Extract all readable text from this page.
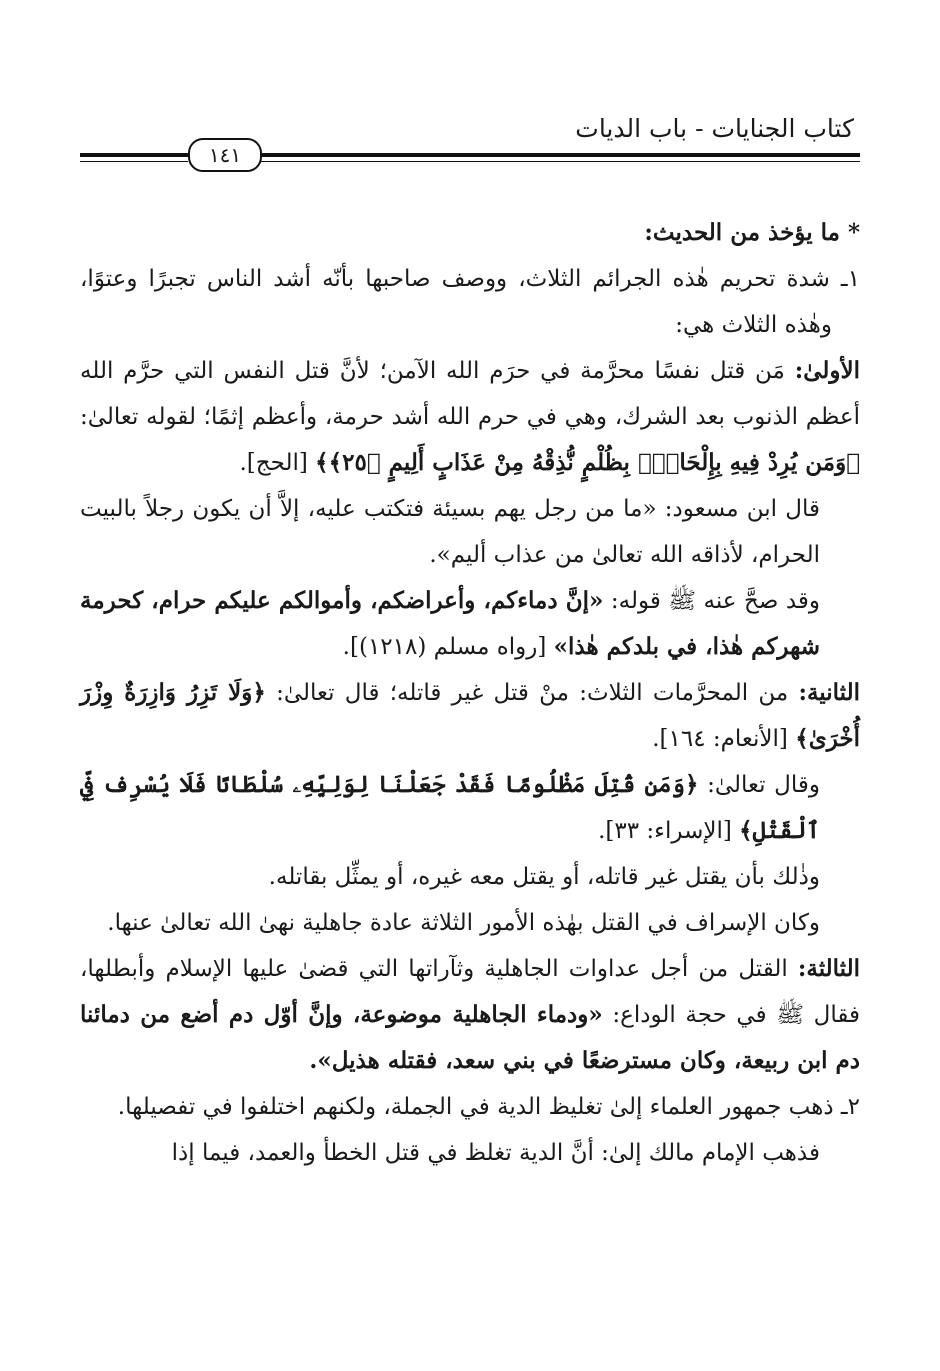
كتاب الجنايات - باب الديات
١٤١

* ما يؤخذ من الحديث:

١ـ شدة تحريم هٰذه الجرائم الثلاث، ووصف صاحبها بأنّه أشد الناس تجبرًا وعتوًا، وهٰذه الثلاث هي:

الأولىٰ: مَن قتل نفسًا محرَّمة في حرَم الله الآمن؛ لأنَّ قتل النفس التي حرَّم الله أعظم الذنوب بعد الشرك، وهي في حرم الله أشد حرمة، وأعظم إثمًا؛ لقوله تعالىٰ: ﴿وَمَن يُرِدْ فِيهِ بِإِلْحَادٍۭ بِظُلْمٍ نُّذِقْهُ مِنْ عَذَابٍ أَلِيمٍ ﴿٢٥﴾﴾ [الحج].

قال ابن مسعود: «ما من رجل يهم بسيئة فتكتب عليه، إلاَّ أن يكون رجلاً بالبيت الحرام، لأذاقه الله تعالىٰ من عذاب أليم».

وقد صحَّ عنه ﷺ قوله: «إنَّ دماءكم، وأعراضكم، وأموالكم عليكم حرام، كحرمة شهركم هٰذا، في بلدكم هٰذا» [رواه مسلم (١٢١٨)].

الثانية: من المحرَّمات الثلاث: منْ قتل غير قاتله؛ قال تعالىٰ: ﴿وَلَا تَزِرُ وَازِرَةٌ وِزْرَ أُخْرَىٰ﴾ [الأنعام: ١٦٤].

وقال تعالىٰ: ﴿وَمَن قُتِلَ مَظْلُومًا فَقَدْ جَعَلْنَا لِوَلِيِّهِۦ سُلْطَانًا فَلَا يُسْرِف فِّي ٱلْقَتْلِ﴾ [الإسراء: ٣٣].

وذٰلك بأن يقتل غير قاتله، أو يقتل معه غيره، أو يمثِّل بقاتله.

وكان الإسراف في القتل بهٰذه الأمور الثلاثة عادة جاهلية نهىٰ الله تعالىٰ عنها.

الثالثة: القتل من أجل عداوات الجاهلية وثآراتها التي قضىٰ عليها الإسلام وأبطلها، فقال ﷺ في حجة الوداع: «ودماء الجاهلية موضوعة، وإنَّ أوّل دم أضع من دمائنا دم ابن ربيعة، وكان مسترضعًا في بني سعد، فقتله هذيل».

٢ـ ذهب جمهور العلماء إلىٰ تغليظ الدية في الجملة، ولكنهم اختلفوا في تفصيلها.

فذهب الإمام مالك إلىٰ: أنَّ الدية تغلظ في قتل الخطأ والعمد، فيما إذا
